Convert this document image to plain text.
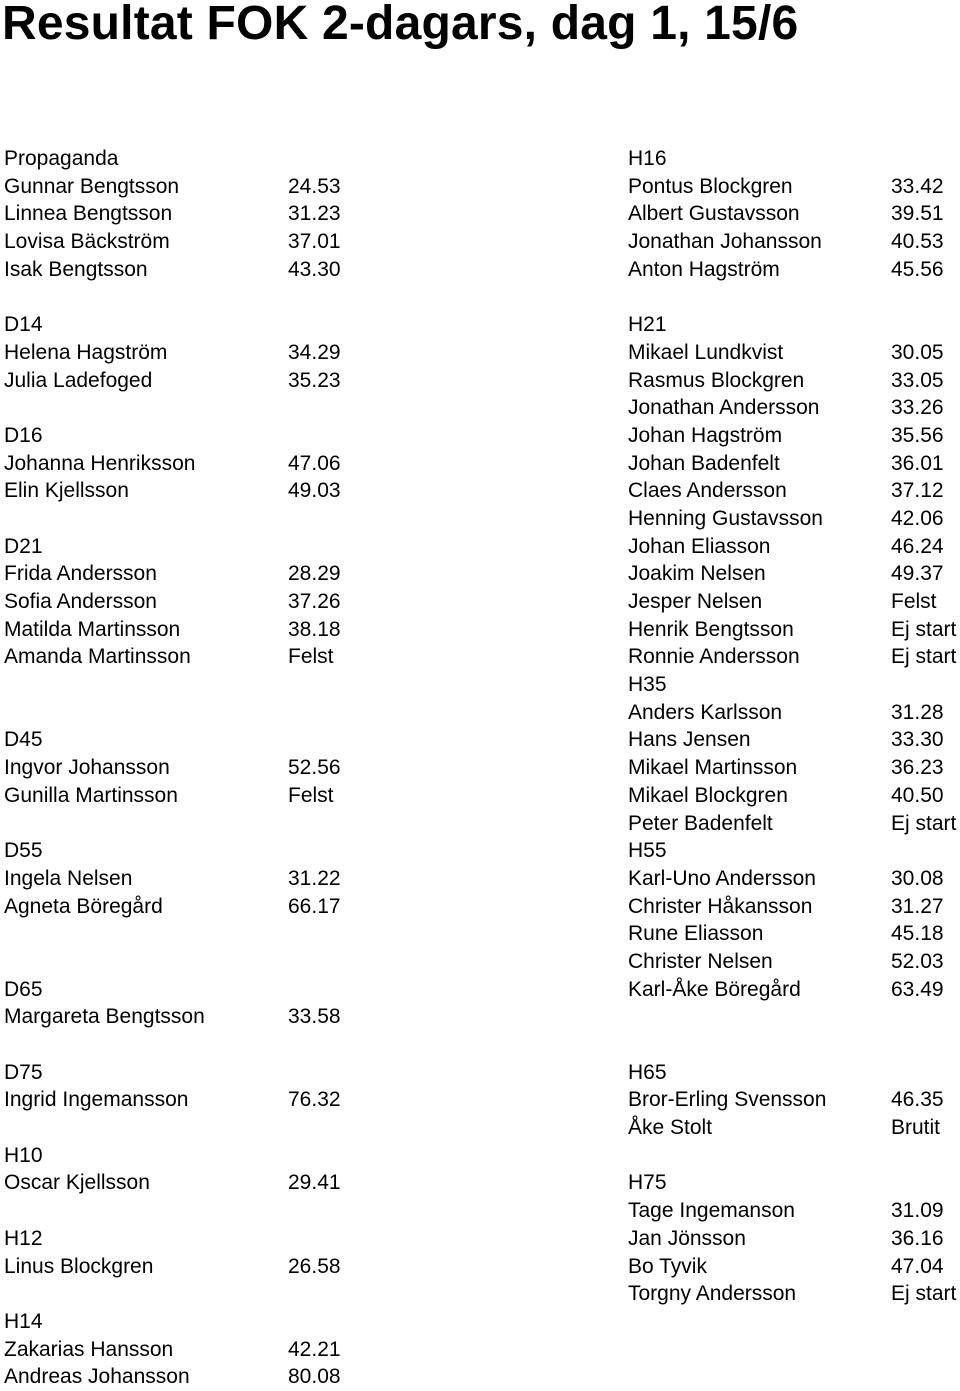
Resultat FOK 2-dagars, dag 1, 15/6
Propaganda
Gunnar Bengtsson	24.53
Linnea Bengtsson	31.23
Lovisa Bäckström	37.01
Isak Bengtsson	43.30
D14
Helena Hagström	34.29
Julia Ladefoged	35.23
D16
Johanna Henriksson	47.06
Elin Kjellsson	49.03
D21
Frida Andersson	28.29
Sofia Andersson	37.26
Matilda Martinsson	38.18
Amanda Martinsson	Felst
D45
Ingvor Johansson	52.56
Gunilla Martinsson	Felst
D55
Ingela Nelsen	31.22
Agneta Böregård	66.17
D65
Margareta Bengtsson	33.58
D75
Ingrid Ingemansson	76.32
H10
Oscar Kjellsson	29.41
H12
Linus Blockgren	26.58
H14
Zakarias Hansson	42.21
Andreas Johansson	80.08
H16
Pontus Blockgren	33.42
Albert Gustavsson	39.51
Jonathan Johansson	40.53
Anton Hagström	45.56
H21
Mikael Lundkvist	30.05
Rasmus Blockgren	33.05
Jonathan Andersson	33.26
Johan Hagström	35.56
Johan Badenfelt	36.01
Claes Andersson	37.12
Henning Gustavsson	42.06
Johan Eliasson	46.24
Joakim Nelsen	49.37
Jesper Nelsen	Felst
Henrik Bengtsson	Ej start
Ronnie Andersson	Ej start
H35
Anders Karlsson	31.28
Hans Jensen	33.30
Mikael Martinsson	36.23
Mikael Blockgren	40.50
Peter Badenfelt	Ej start
H55
Karl-Uno Andersson	30.08
Christer Håkansson	31.27
Rune Eliasson	45.18
Christer Nelsen	52.03
Karl-Åke Böregård	63.49
H65
Bror-Erling Svensson	46.35
Åke Stolt	Brutit
H75
Tage Ingemanson	31.09
Jan Jönsson	36.16
Bo Tyvik	47.04
Torgny Andersson	Ej start
